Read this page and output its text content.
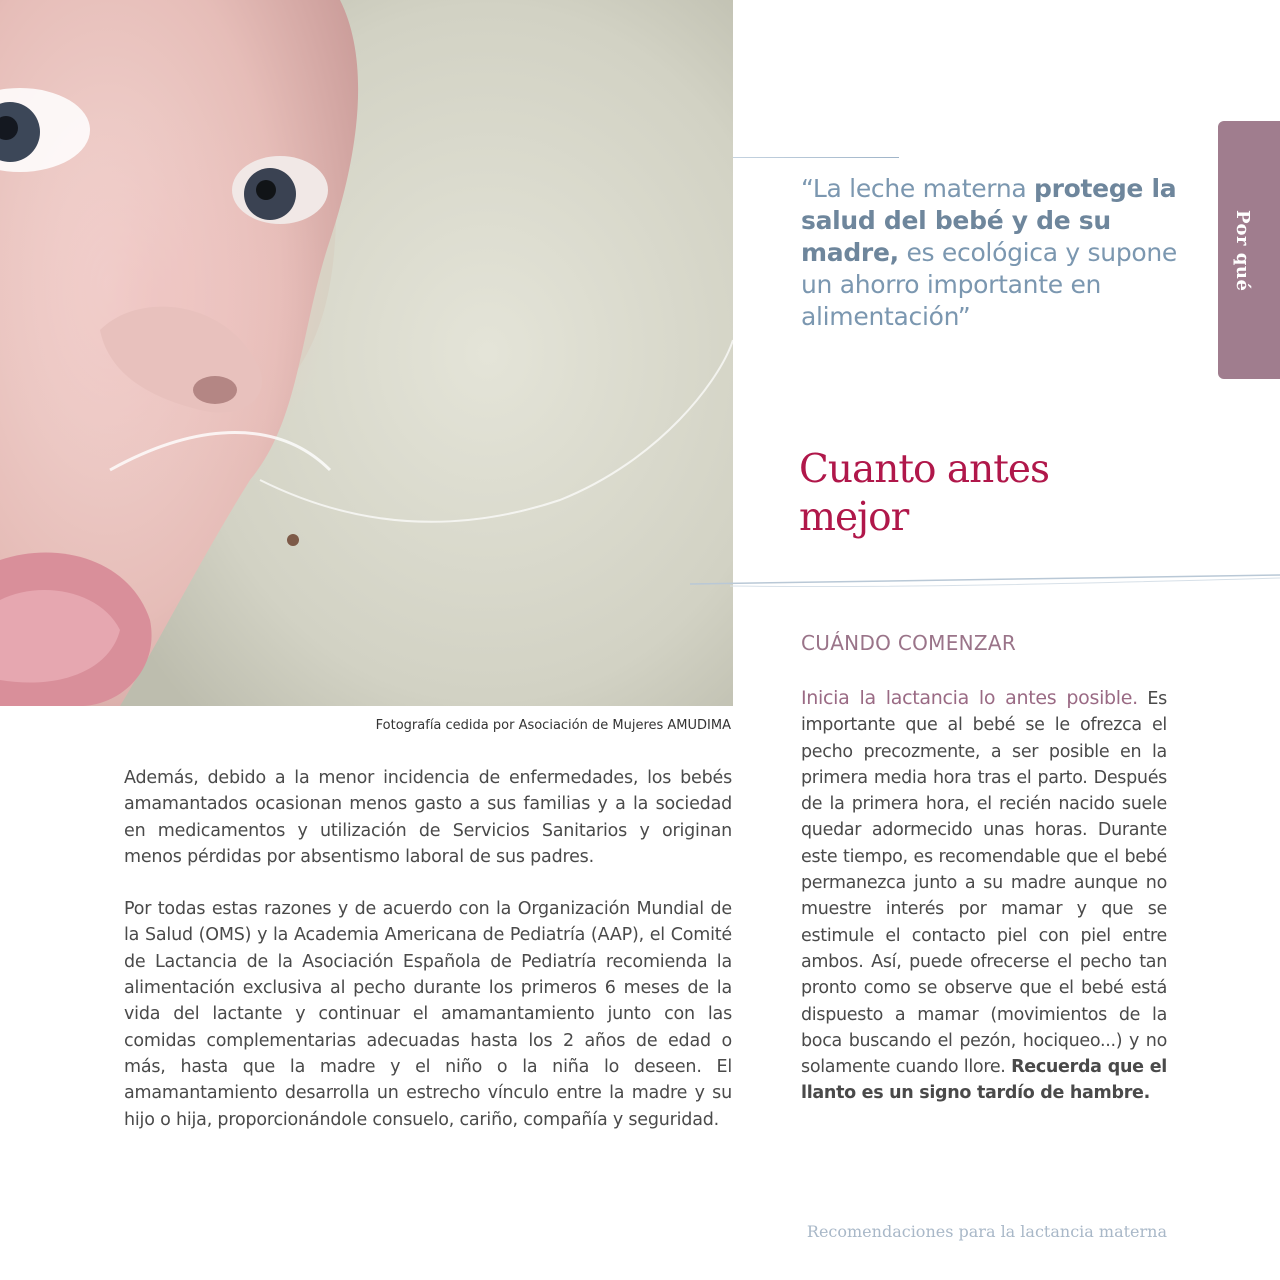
Fotografía cedida por Asociación de Mujeres AMUDIMA
“La leche materna protege la salud del bebé y de su madre, es ecológica y supone un ahorro importante en alimentación”
Por qué
Cuanto antes
mejor
CUÁNDO COMENZAR
Inicia la lactancia lo antes posible. Es importante que al bebé se le ofrezca el pecho precozmente, a ser posible en la primera media hora tras el parto. Después de la primera hora, el recién nacido suele quedar adormecido unas horas. Durante este tiempo, es recomendable que el bebé permanezca junto a su madre aunque no muestre interés por mamar y que se estimule el contacto piel con piel entre ambos. Así, puede ofrecerse el pecho tan pronto como se observe que el bebé está dispuesto a mamar (movimientos de la boca buscando el pezón, hociqueo...) y no solamente cuando llore. Recuerda que el llanto es un signo tardío de hambre.

Además, debido a la menor incidencia de enfermedades, los bebés amamantados ocasionan menos gasto a sus familias y a la sociedad en medicamentos y utilización de Servicios Sanitarios y originan menos pérdidas por absentismo laboral de sus padres.

Por todas estas razones y de acuerdo con la Organización Mundial de la Salud (OMS) y la Academia Americana de Pediatría (AAP), el Comité de Lactancia de la Asociación Española de Pediatría recomienda la alimentación exclusiva al pecho durante los primeros 6 meses de la vida del lactante y continuar el amamantamiento junto con las comidas complementarias adecuadas hasta los 2 años de edad o más, hasta que la madre y el niño o la niña lo deseen. El amamantamiento desarrolla un estrecho vínculo entre la madre y su hijo o hija, proporcionándole consuelo, cariño, compañía y seguridad.

Recomendaciones para la lactancia materna
